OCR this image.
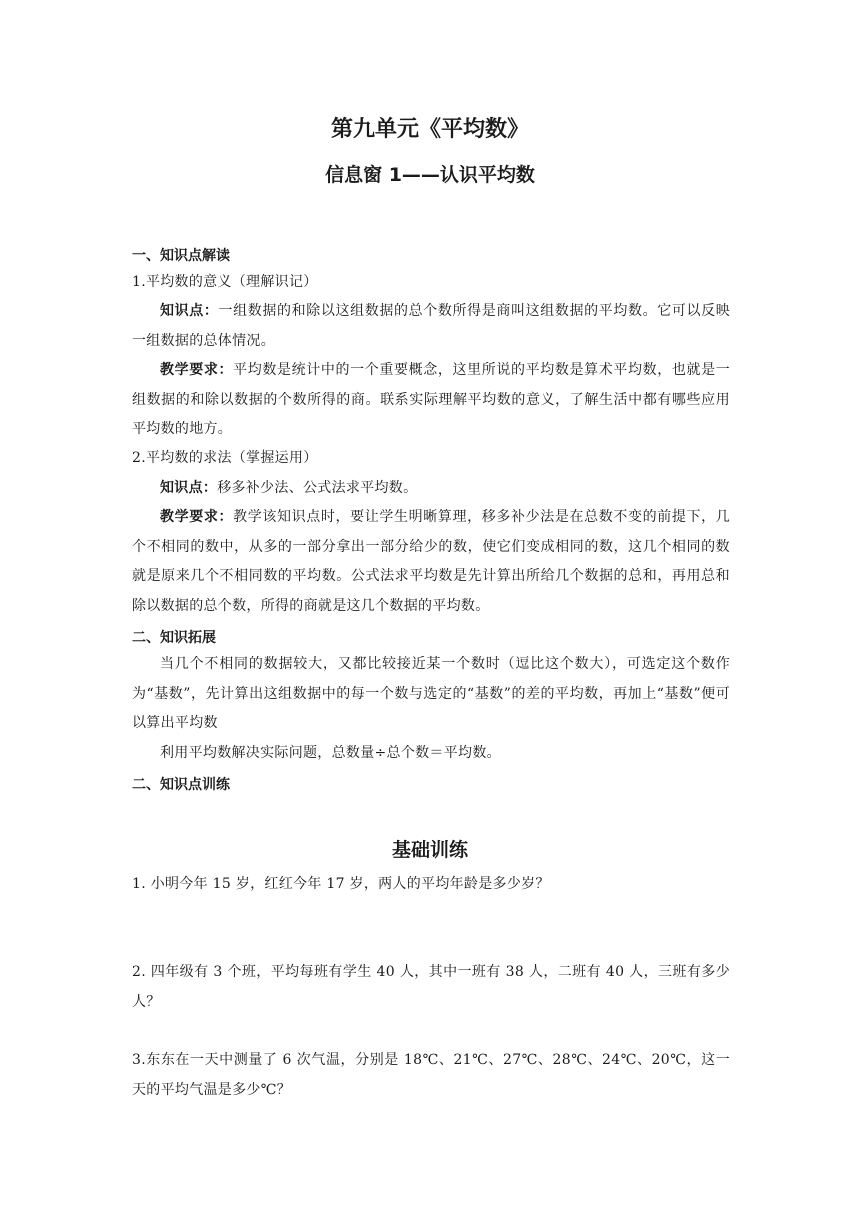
第九单元《平均数》
信息窗 1——认识平均数
一、知识点解读
1.平均数的意义（理解识记）
知识点：一组数据的和除以这组数据的总个数所得是商叫这组数据的平均数。它可以反映一组数据的总体情况。
教学要求：平均数是统计中的一个重要概念，这里所说的平均数是算术平均数，也就是一组数据的和除以数据的个数所得的商。联系实际理解平均数的意义，了解生活中都有哪些应用平均数的地方。
2.平均数的求法（掌握运用）
知识点：移多补少法、公式法求平均数。
教学要求：教学该知识点时，要让学生明晰算理，移多补少法是在总数不变的前提下，几个不相同的数中，从多的一部分拿出一部分给少的数，使它们变成相同的数，这几个相同的数就是原来几个不相同数的平均数。公式法求平均数是先计算出所给几个数据的总和，再用总和除以数据的总个数，所得的商就是这几个数据的平均数。
二、知识拓展
当几个不相同的数据较大，又都比较接近某一个数时（逗比这个数大），可选定这个数作为“基数”，先计算出这组数据中的每一个数与选定的“基数”的差的平均数，再加上“基数”便可以算出平均数
利用平均数解决实际问题，总数量÷总个数＝平均数。
二、知识点训练
基础训练
1. 小明今年 15 岁，红红今年 17 岁，两人的平均年龄是多少岁？
2. 四年级有 3 个班，平均每班有学生 40 人，其中一班有 38 人，二班有 40 人，三班有多少人？
3.东东在一天中测量了 6 次气温，分别是 18℃、21℃、27℃、28℃、24℃、20℃，这一天的平均气温是多少℃？
